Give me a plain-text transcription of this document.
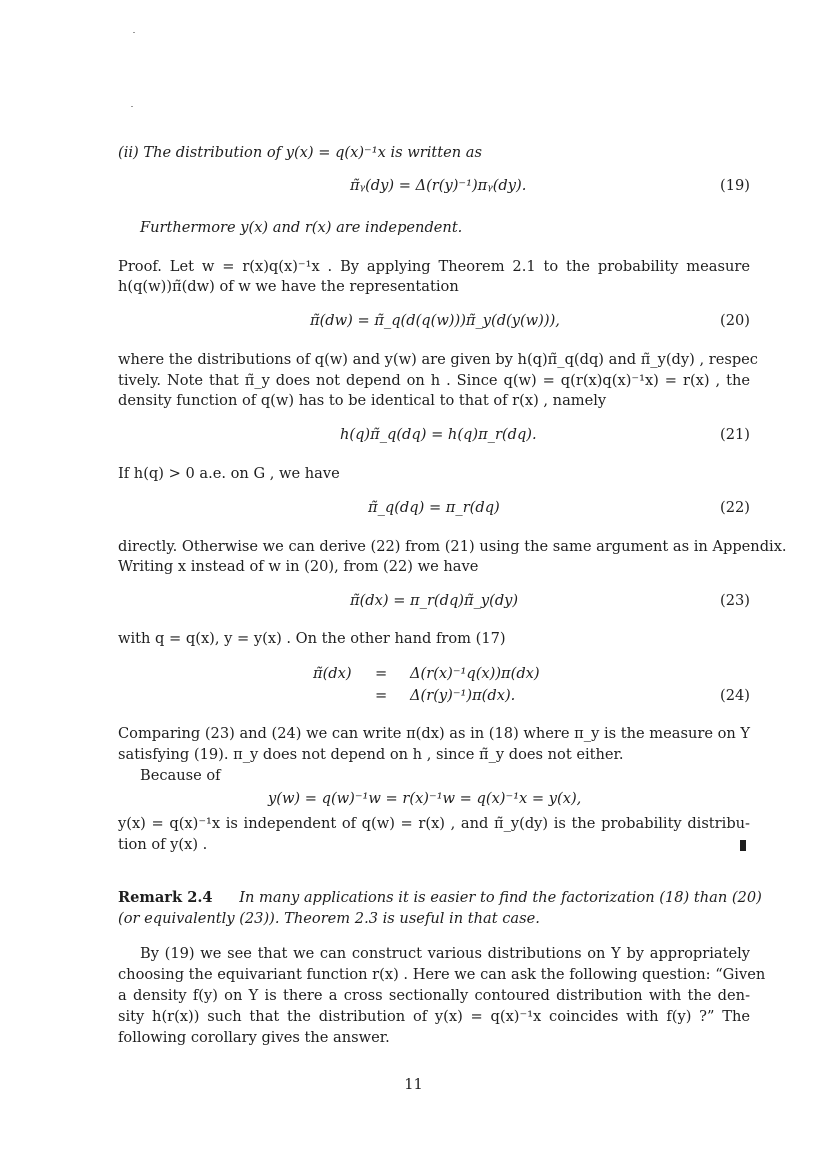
(ii) The distribution of y(x) = q(x)⁻¹x is written as
π̃ᵧ(dy) = Δ(r(y)⁻¹)πᵧ(dy).	(19)
Furthermore y(x) and r(x) are independent.
Proof. Let w = r(x)q(x)⁻¹x . By applying Theorem 2.1 to the probability measure
h(q(w))π̃(dw) of w we have the representation
π̃(dw) = π̃_q(d(q(w)))π̃_y(d(y(w))),	(20)
where the distributions of q(w) and y(w) are given by h(q)π̃_q(dq) and π̃_y(dy) , respec
tively. Note that π̃_y does not depend on h . Since q(w) = q(r(x)q(x)⁻¹x) = r(x) , the
density function of q(w) has to be identical to that of r(x) , namely
h(q)π̃_q(dq) = h(q)π_r(dq).	(21)
If h(q) > 0 a.e. on G , we have
π̃_q(dq) = π_r(dq)	(22)
directly. Otherwise we can derive (22) from (21) using the same argument as in Appendix.
Writing x instead of w in (20), from (22) we have
π̃(dx) = π_r(dq)π̃_y(dy)	(23)
with q = q(x), y = y(x) . On the other hand from (17)
π̃(dx) = Δ(r(x)⁻¹q(x))π(dx)
= Δ(r(y)⁻¹)π(dx).	(24)
Comparing (23) and (24) we can write π(dx) as in (18) where π_y is the measure on Y
satisfying (19). π_y does not depend on h , since π̃_y does not either.
Because of
y(w) = q(w)⁻¹w = r(x)⁻¹w = q(x)⁻¹x = y(x),
y(x) = q(x)⁻¹x is independent of q(w) = r(x) , and π̃_y(dy) is the probability distribu-
tion of y(x) .
Remark 2.4 In many applications it is easier to find the factorization (18) than (20)
(or equivalently (23)). Theorem 2.3 is useful in that case.
By (19) we see that we can construct various distributions on Y by appropriately
choosing the equivariant function r(x) . Here we can ask the following question: “Given
a density f(y) on Y is there a cross sectionally contoured distribution with the den-
sity h(r(x)) such that the distribution of y(x) = q(x)⁻¹x coincides with f(y) ?” The
following corollary gives the answer.
11
